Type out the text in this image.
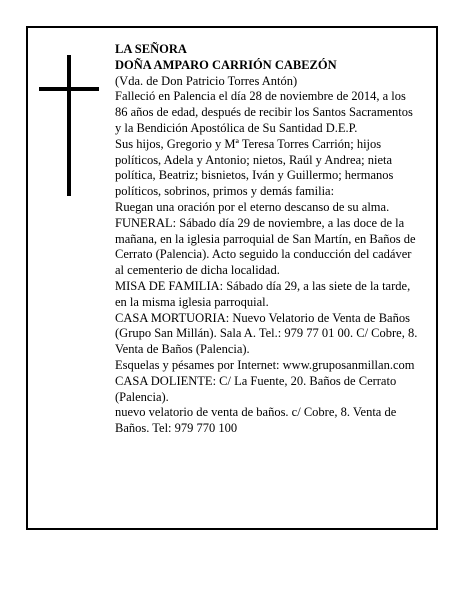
LA SEÑORA

DOÑA AMPARO CARRIÓN CABEZÓN

(Vda. de Don Patricio Torres Antón)

Falleció en Palencia el día 28 de noviembre de 2014, a los 86 años de edad, después de recibir los Santos Sacramentos y la Bendición Apostólica de Su Santidad D.E.P.

Sus hijos, Gregorio y Mª Teresa Torres Carrión; hijos políticos, Adela y Antonio; nietos, Raúl y Andrea; nieta política, Beatriz; bisnietos, Iván y Guillermo; hermanos políticos, sobrinos, primos y demás familia:

Ruegan una oración por el eterno descanso de su alma.

FUNERAL: Sábado día 29 de noviembre, a las doce de la mañana, en la iglesia parroquial de San Martín, en Baños de Cerrato (Palencia). Acto seguido la conducción del cadáver al cementerio de dicha localidad.

MISA DE FAMILIA: Sábado día 29, a las siete de la tarde, en la misma iglesia parroquial.

CASA MORTUORIA: Nuevo Velatorio de Venta de Baños (Grupo San Millán). Sala A. Tel.: 979 77 01 00. C/ Cobre, 8. Venta de Baños (Palencia).

Esquelas y pésames por Internet: www.gruposanmillan.com

CASA DOLIENTE: C/ La Fuente, 20. Baños de Cerrato (Palencia).

nuevo velatorio de venta de baños. c/ Cobre, 8. Venta de Baños. Tel: 979 770 100
